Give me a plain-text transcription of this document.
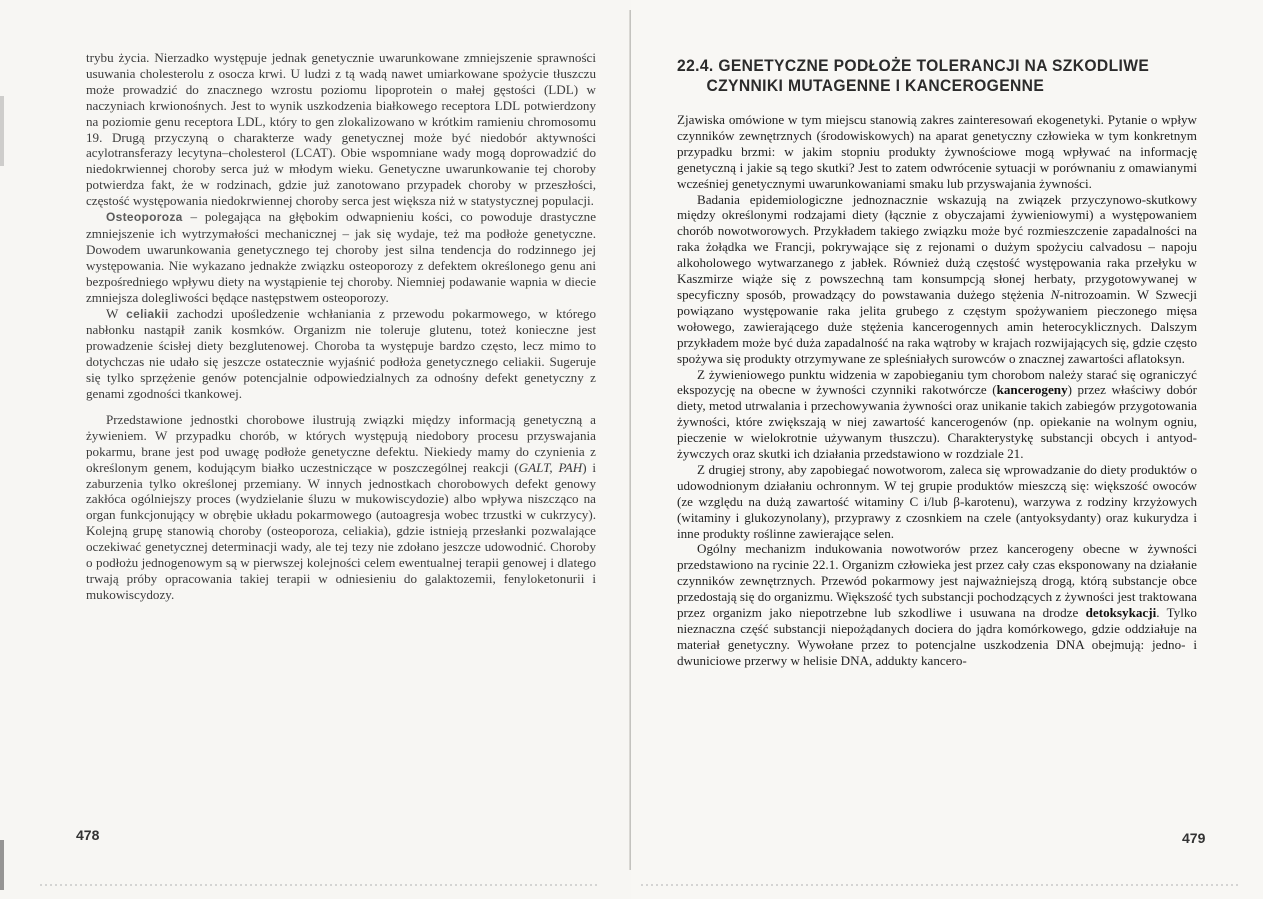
trybu życia. Nierzadko występuje jednak genetycznie uwarunkowane zmniejszenie sprawności usuwania cholesterolu z osocza krwi. U ludzi z tą wadą nawet umiarkowane spożycie tłuszczu może prowadzić do znacznego wzrostu poziomu lipoprotein o małej gęstości (LDL) w naczyniach krwionośnych. Jest to wynik uszkodzenia białkowego receptora LDL potwierdzony na poziomie genu receptora LDL, który to gen zlokalizowano w krótkim ramieniu chromosomu 19. Drugą przyczyną o charakterze wady genetycznej może być niedobór aktywności acylotransferazy lecytyna–cholesterol (LCAT). Obie wspomniane wady mogą doprowadzić do niedokrwiennej choroby serca już w młodym wieku. Genetyczne uwarunkowanie tej choroby potwierdza fakt, że w rodzinach, gdzie już zanotowano przypadek choroby w przeszłości, częstość występowania niedokrwiennej choroby serca jest większa niż w statystycznej populacji.

Osteoporoza – polegająca na głębokim odwapnieniu kości, co powoduje drastyczne zmniejszenie ich wytrzymałości mechanicznej – jak się wydaje, też ma podłoże genetyczne. Dowodem uwarunkowania genetycznego tej choroby jest silna tendencja do rodzinnego jej występowania. Nie wykazano jednakże związku osteoporozy z defektem określonego genu ani bezpośredniego wpływu diety na wystąpienie tej choroby. Niemniej podawanie wapnia w diecie zmniejsza dolegliwości będące następstwem osteoporozy.

W celiakii zachodzi upośledzenie wchłaniania z przewodu pokarmowego, w którego nabłonku nastąpił zanik kosmków. Organizm nie toleruje glutenu, toteż konieczne jest prowadzenie ścisłej diety bezglutenowej. Choroba ta występuje bardzo często, lecz mimo to dotychczas nie udało się jeszcze ostatecznie wyjaśnić podłoża genetycznego celiakii. Sugeruje się tylko sprzężenie genów potencjalnie odpowiedzialnych za odnośny defekt genetyczny z genami zgodności tkankowej.

Przedstawione jednostki chorobowe ilustrują związki między informacją genetyczną a żywieniem. W przypadku chorób, w których występują niedobory procesu przyswajania pokarmu, brane jest pod uwagę podłoże genetyczne defektu. Niekiedy mamy do czynienia z określonym genem, kodującym białko uczestniczące w poszczególnej reakcji (GALT, PAH) i zaburzenia tylko określonej przemiany. W innych jednostkach chorobowych defekt genowy zakłóca ogólniejszy proces (wydzielanie śluzu w mukowiscydozie) albo wpływa niszcząco na organ funkcjonujący w obrębie układu pokarmowego (autoagresja wobec trzustki w cukrzycy). Kolejną grupę stanowią choroby (osteoporoza, celiakia), gdzie istnieją przesłanki pozwalające oczekiwać genetycznej determinacji wady, ale tej tezy nie zdołano jeszcze udowodnić. Choroby o podłożu jednogenowym są w pierwszej kolejności celem ewentualnej terapii genowej i dlatego trwają próby opracowania takiej terapii w odniesieniu do galaktozemii, fenyloketonurii i mukowiscydozy.

478
22.4. GENETYCZNE PODŁOŻE TOLERANCJI NA SZKODLIWE
CZYNNIKI MUTAGENNE I KANCEROGENNE

Zjawiska omówione w tym miejscu stanowią zakres zainteresowań ekogenetyki. Pytanie o wpływ czynników zewnętrznych (środowiskowych) na aparat genetyczny człowieka w tym konkretnym przypadku brzmi: w jakim stopniu produkty żywnościowe mogą wpływać na informację genetyczną i jakie są tego skutki? Jest to zatem odwrócenie sytuacji w porównaniu z omawianymi wcześniej genetycznymi uwarunkowaniami smaku lub przyswajania żywności.

Badania epidemiologiczne jednoznacznie wskazują na związek przyczynowo-skutkowy między określonymi rodzajami diety (łącznie z obyczajami żywieniowymi) a występowaniem chorób nowotworowych. Przykładem takiego związku może być rozmieszczenie zapadalności na raka żołądka we Francji, pokrywające się z rejonami o dużym spożyciu calvadosu – napoju alkoholowego wytwarzanego z jabłek. Również dużą częstość występowania raka przełyku w Kaszmirze wiąże się z powszechną tam konsumpcją słonej herbaty, przygotowywanej w specyficzny sposób, prowadzący do powstawania dużego stężenia N-nitrozoamin. W Szwecji powiązano występowanie raka jelita grubego z częstym spożywaniem pieczonego mięsa wołowego, zawierającego duże stężenia kancerogennych amin heterocyklicznych. Dalszym przykładem może być duża zapadalność na raka wątroby w krajach rozwijających się, gdzie często spożywa się produkty otrzymywane ze spleśniałych surowców o znacznej zawartości aflatoksyn.

Z żywieniowego punktu widzenia w zapobieganiu tym chorobom należy starać się ograniczyć ekspozycję na obecne w żywności czynniki rakotwórcze (kancerogeny) przez właściwy dobór diety, metod utrwalania i przechowywania żywności oraz unikanie takich zabiegów przygotowania żywności, które zwiększają w niej zawartość kancerogenów (np. opiekanie na wolnym ogniu, pieczenie w wielokrotnie używanym tłuszczu). Charakterystykę substancji obcych i antyodżywczych oraz skutki ich działania przedstawiono w rozdziale 21.

Z drugiej strony, aby zapobiegać nowotworom, zaleca się wprowadzanie do diety produktów o udowodnionym działaniu ochronnym. W tej grupie produktów mieszczą się: większość owoców (ze względu na dużą zawartość witaminy C i/lub β-karotenu), warzywa z rodziny krzyżowych (witaminy i glukozynolany), przyprawy z czosnkiem na czele (antyoksydanty) oraz kukurydza i inne produkty roślinne zawierające selen.

Ogólny mechanizm indukowania nowotworów przez kancerogeny obecne w żywności przedstawiono na rycinie 22.1. Organizm człowieka jest przez cały czas eksponowany na działanie czynników zewnętrznych. Przewód pokarmowy jest najważniejszą drogą, którą substancje obce przedostają się do organizmu. Większość tych substancji pochodzących z żywności jest traktowana przez organizm jako niepotrzebne lub szkodliwe i usuwana na drodze detoksykacji. Tylko nieznaczna część substancji niepożądanych dociera do jądra komórkowego, gdzie oddziałuje na materiał genetyczny. Wywołane przez to potencjalne uszkodzenia DNA obejmują: jedno- i dwuniciowe przerwy w helisie DNA, addukty kancero-

479
